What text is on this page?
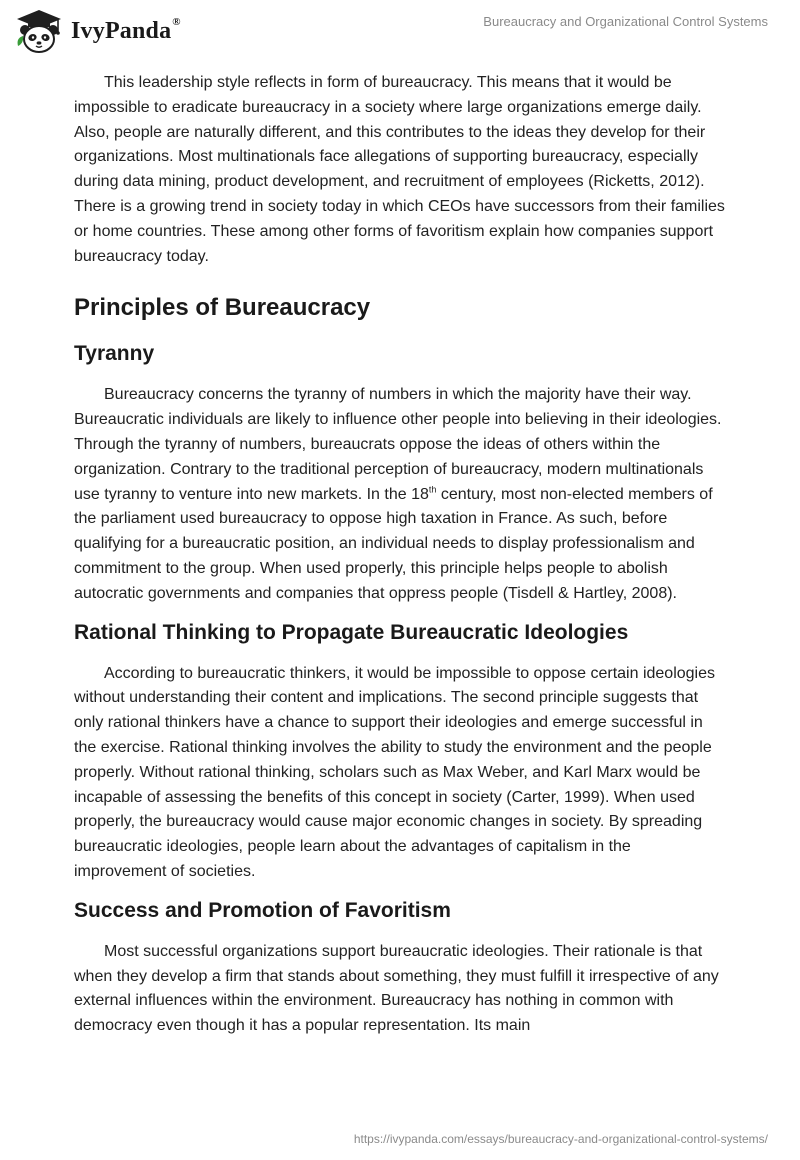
IvyPanda®	Bureaucracy and Organizational Control Systems

This leadership style reflects in form of bureaucracy. This means that it would be impossible to eradicate bureaucracy in a society where large organizations emerge daily. Also, people are naturally different, and this contributes to the ideas they develop for their organizations. Most multinationals face allegations of supporting bureaucracy, especially during data mining, product development, and recruitment of employees (Ricketts, 2012). There is a growing trend in society today in which CEOs have successors from their families or home countries. These among other forms of favoritism explain how companies support bureaucracy today.

Principles of Bureaucracy
Tyranny

Bureaucracy concerns the tyranny of numbers in which the majority have their way. Bureaucratic individuals are likely to influence other people into believing in their ideologies. Through the tyranny of numbers, bureaucrats oppose the ideas of others within the organization. Contrary to the traditional perception of bureaucracy, modern multinationals use tyranny to venture into new markets. In the 18th century, most non-elected members of the parliament used bureaucracy to oppose high taxation in France. As such, before qualifying for a bureaucratic position, an individual needs to display professionalism and commitment to the group. When used properly, this principle helps people to abolish autocratic governments and companies that oppress people (Tisdell & Hartley, 2008).

Rational Thinking to Propagate Bureaucratic Ideologies

According to bureaucratic thinkers, it would be impossible to oppose certain ideologies without understanding their content and implications. The second principle suggests that only rational thinkers have a chance to support their ideologies and emerge successful in the exercise. Rational thinking involves the ability to study the environment and the people properly. Without rational thinking, scholars such as Max Weber, and Karl Marx would be incapable of assessing the benefits of this concept in society (Carter, 1999). When used properly, the bureaucracy would cause major economic changes in society. By spreading bureaucratic ideologies, people learn about the advantages of capitalism in the improvement of societies.

Success and Promotion of Favoritism

Most successful organizations support bureaucratic ideologies. Their rationale is that when they develop a firm that stands about something, they must fulfill it irrespective of any external influences within the environment. Bureaucracy has nothing in common with democracy even though it has a popular representation. Its main

https://ivypanda.com/essays/bureaucracy-and-organizational-control-systems/
